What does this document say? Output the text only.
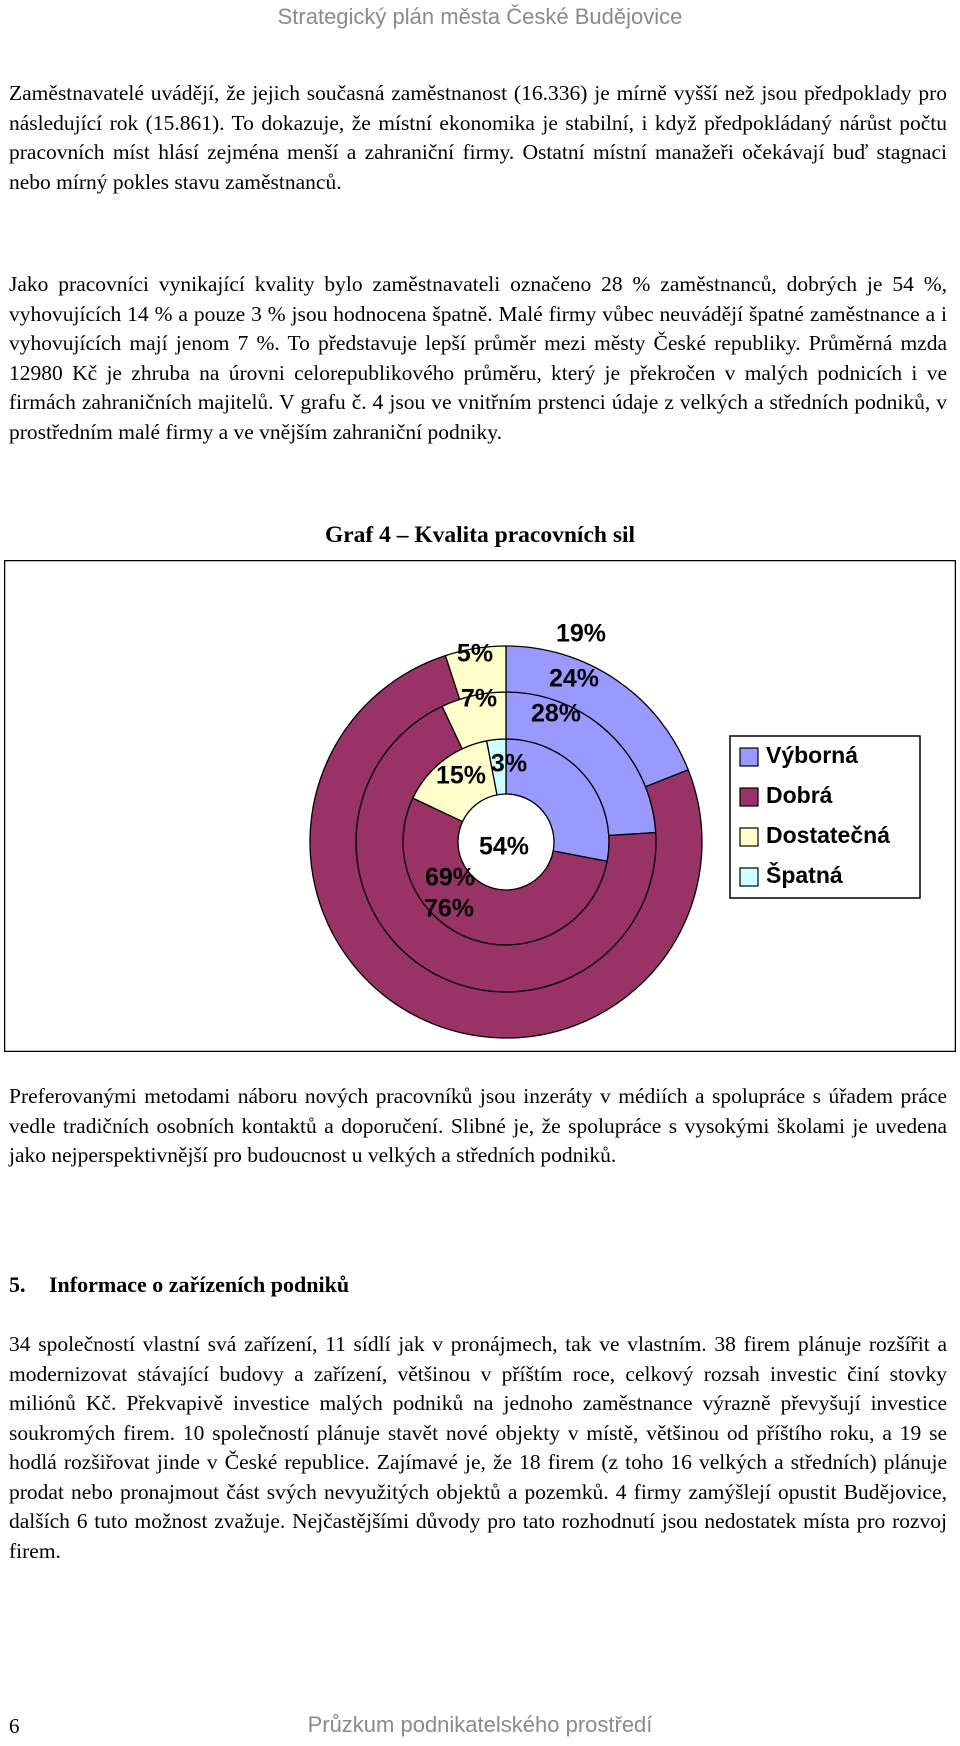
Strategický plán města České Budějovice

Zaměstnavatelé uvádějí, že jejich současná zaměstnanost (16.336) je mírně vyšší než jsou předpoklady pro následující rok (15.861). To dokazuje, že místní ekonomika je stabilní, i když předpokládaný nárůst počtu pracovních míst hlásí zejména menší a zahraniční firmy. Ostatní místní manažeři očekávají buď stagnaci nebo mírný pokles stavu zaměstnanců.

Jako pracovníci vynikající kvality bylo zaměstnavateli označeno 28 % zaměstnanců, dobrých je 54 %, vyhovujících 14 % a pouze 3 % jsou hodnocena špatně. Malé firmy vůbec neuvádějí špatné zaměstnance a i vyhovujících mají jenom 7 %. To představuje lepší průměr mezi městy České republiky. Průměrná mzda 12980 Kč je zhruba na úrovni celorepublikového průměru, který je překročen v malých podnicích i ve firmách zahraničních majitelů. V grafu č. 4 jsou ve vnitřním prstenci údaje z velkých a středních podniků, v prostředním malé firmy a ve vnějším zahraniční podniky.

Graf 4 – Kvalita pracovních sil
28%
54%
15% 3%
24%
69%
7%
19%
76%
5%
Výborná
Dobrá
Dostatečná
Špatná

Preferovanými metodami náboru nových pracovníků jsou inzeráty v médiích a spolupráce s úřadem práce vedle tradičních osobních kontaktů a doporučení. Slibné je, že spolupráce s vysokými školami je uvedena jako nejperspektivnější pro budoucnost u velkých a středních podniků.

5. Informace o zařízeních podniků

34 společností vlastní svá zařízení, 11 sídlí jak v pronájmech, tak ve vlastním. 38 firem plánuje rozšířit a modernizovat stávající budovy a zařízení, většinou v příštím roce, celkový rozsah investic činí stovky miliónů Kč. Překvapivě investice malých podniků na jednoho zaměstnance výrazně převyšují investice soukromých firem. 10 společností plánuje stavět nové objekty v místě, většinou od příštího roku, a 19 se hodlá rozšiřovat jinde v České republice. Zajímavé je, že 18 firem (z toho 16 velkých a středních) plánuje prodat nebo pronajmout část svých nevyužitých objektů a pozemků. 4 firmy zamýšlejí opustit Budějovice, dalších 6 tuto možnost zvažuje. Nejčastějšími důvody pro tato rozhodnutí jsou nedostatek místa pro rozvoj firem.

6	Průzkum podnikatelského prostředí
